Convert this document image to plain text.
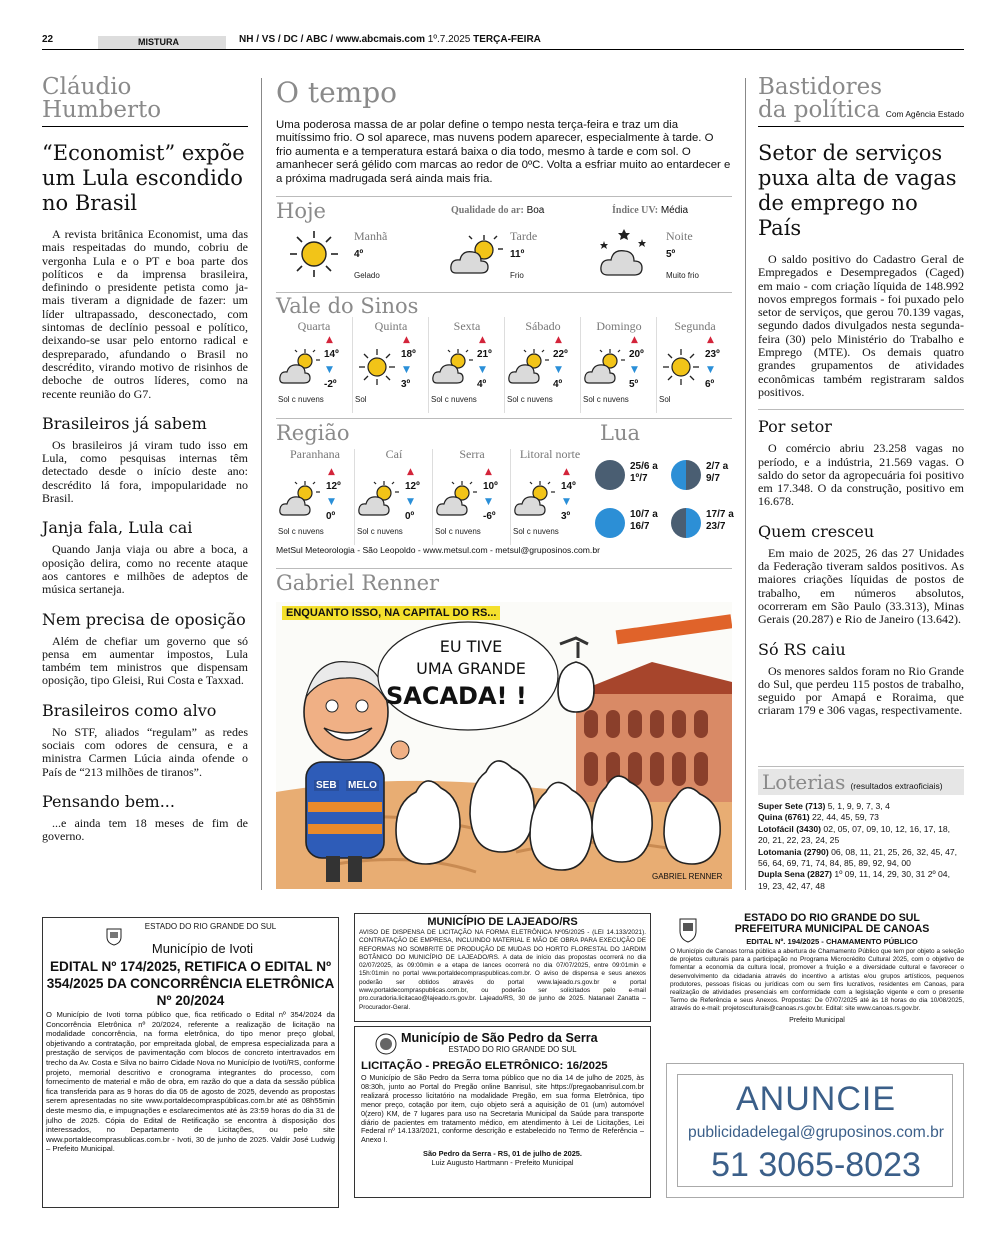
22	MISTURA	NH / VS / DC / ABC / www.abcmais.com 1º.7.2025 TERÇA-FEIRA
Cláudio Humberto
“Economist” expõe um Lula escondido no Brasil

A revista britânica Economist, uma das mais respeitadas do mundo, cobriu de vergonha Lula e o PT e boa parte dos políticos e da imprensa brasileira, definindo o presidente petista como ja-mais tiveram a dignidade de fazer: um líder ultrapassado, desconectado, com sintomas de declínio pessoal e político, deixando-se usar pelo entorno radical e despreparado, afundando o Brasil no descrédito, virando motivo de risinhos de deboche de outros líderes, como na recente reunião do G7.

Brasileiros já sabem

Os brasileiros já viram tudo isso em Lula, como pesquisas internas têm detectado desde o início deste ano: descrédito lá fora, impopularidade no Brasil.

Janja fala, Lula cai

Quando Janja viaja ou abre a boca, a oposição delira, como no recente ataque aos cantores e milhões de adeptos de música sertaneja.

Nem precisa de oposição

Além de chefiar um governo que só pensa em aumentar impostos, Lula também tem ministros que dispensam oposição, tipo Gleisi, Rui Costa e Taxxad.

Brasileiros como alvo

No STF, aliados “regulam” as redes sociais com odores de censura, e a ministra Carmen Lúcia ainda ofende o País de “213 milhões de tiranos”.

Pensando bem...

...e ainda tem 18 meses de fim de governo.

O tempo

Uma poderosa massa de ar polar define o tempo nesta terça-feira e traz um dia muitíssimo frio. O sol aparece, mas nuvens podem aparecer, especialmente à tarde. O frio aumenta e a temperatura estará baixa o dia todo, mesmo à tarde e com sol. O amanhecer será gélido com marcas ao redor de 0ºC. Volta a esfriar muito ao entardecer e a próxima madrugada será ainda mais fria.

Hoje	Qualidade do ar: Boa	Índice UV: Média
Manhã
4º
Gelado
Tarde
11º
Frio
Noite
5º
Muito frio
Vale do Sinos
Quarta
▲
14º
▼
-2º
Sol c nuvens
Quinta
▲
18º
▼
3º
Sol
Sexta
▲
21º
▼
4º
Sol c nuvens
Sábado
▲
22º
▼
4º
Sol c nuvens
Domingo
▲
20º
▼
5º
Sol c nuvens
Segunda
▲
23º
▼
6º
Sol
Região	Lua
Paranhana
▲
12º
▼
0º
Sol c nuvens
Caí
▲
12º
▼
0º
Sol c nuvens
Serra
▲
10º
▼
-6º
Sol c nuvens
Litoral norte
▲
14º
▼
3º
Sol c nuvens
25/6 a
1º/7
2/7 a
9/7
10/7 a
16/7
17/7 a
23/7
MetSul Meteorologia - São Leopoldo - www.metsul.com - metsul@gruposinos.com.br
Gabriel Renner
ENQUANTO ISSO, NA CAPITAL DO RS...
EU TIVE
UMA GRANDE
SACADA! !
SEB MELO
GABRIEL RENNER
Bastidores
da política Com Agência Estado
Setor de serviços puxa alta de vagas de emprego no País

O saldo positivo do Cadastro Geral de Empregados e Desempregados (Caged) em maio - com criação líquida de 148.992 novos empregos formais - foi puxado pelo setor de serviços, que gerou 70.139 vagas, segundo dados divulgados nesta segunda-feira (30) pelo Ministério do Trabalho e Emprego (MTE). Os demais quatro grandes grupamentos de atividades econômicas também registraram saldos positivos.

Por setor

O comércio abriu 23.258 vagas no período, e a indústria, 21.569 vagas. O saldo do setor da agropecuária foi positivo em 17.348. O da construção, positivo em 16.678.

Quem cresceu

Em maio de 2025, 26 das 27 Unidades da Federação tiveram saldos positivos. As maiores criações líquidas de postos de trabalho, em números absolutos, ocorreram em São Paulo (33.313), Minas Gerais (20.287) e Rio de Janeiro (13.642).

Só RS caiu

Os menores saldos foram no Rio Grande do Sul, que perdeu 115 postos de trabalho, seguido por Amapá e Roraima, que criaram 179 e 306 vagas, respectivamente.

Loterias (resultados extraoficiais)
Super Sete (713) 5, 1, 9, 9, 7, 3, 4
Quina (6761) 22, 44, 45, 59, 73
Lotofácil (3430) 02, 05, 07, 09, 10, 12, 16, 17, 18, 20, 21, 22, 23, 24, 25
Lotomania (2790) 06, 08, 11, 21, 25, 26, 32, 45, 47, 56, 64, 69, 71, 74, 84, 85, 89, 92, 94, 00
Dupla Sena (2827) 1º 09, 11, 14, 29, 30, 31 2º 04, 19, 23, 42, 47, 48
ESTADO DO RIO GRANDE DO SUL
Município de Ivoti
EDITAL Nº 174/2025, RETIFICA O EDITAL Nº 354/2025 DA CONCORRÊNCIA ELETRÔNICA Nº 20/2024

O Município de Ivoti torna público que, fica retificado o Edital nº 354/2024 da Concorrência Eletrônica nº 20/2024, referente a realização de licitação na modalidade concorrência, na forma eletrônica, do tipo menor preço global, objetivando a contratação, por empreitada global, de empresa especializada para a prestação de serviços de pavimentação com blocos de concreto intertravados em trecho da Av. Costa e Silva no bairro Cidade Nova no Município de Ivoti/RS, conforme projeto, memorial descritivo e cronograma integrantes do processo, com fornecimento de material e mão de obra, em razão do que a data da sessão pública fica transferida para as 9 horas do dia 05 de agosto de 2025, devendo as propostas serem apresentadas no site www.portaldecompraspúblicas.com.br até as 08h55min deste mesmo dia, e impugnações e esclarecimentos até às 23:59 horas do dia 31 de julho de 2025. Cópia do Edital de Retificação se encontra à disposição dos interessados, no Departamento de Licitações, ou pelo site www.portaldecomprasublicas.com.br - Ivoti, 30 de junho de 2025. Valdir José Ludwig – Prefeito Municipal.

MUNICÍPIO DE LAJEADO/RS

AVISO DE DISPENSA DE LICITAÇÃO NA FORMA ELETRÔNICA Nº05/2025 - (LEI 14.133/2021). CONTRATAÇÃO DE EMPRESA, INCLUINDO MATERIAL E MÃO DE OBRA PARA EXECUÇÃO DE REFORMAS NO SOMBRITE DE PRODUÇÃO DE MUDAS DO HORTO FLORESTAL DO JARDIM BOTÂNICO DO MUNICÍPIO DE LAJEADO/RS. A data de início das propostas ocorrerá no dia 02/07/2025, às 09:00min e a etapa de lances ocorrerá no dia 07/07/2025, entre 09:01min e 15h:01min no portal www.portaldecompraspublicas.com.br. O aviso de dispensa e seus anexos poderão ser obtidos através do portal www.lajeado.rs.gov.br e portal www.portaldecompraspublicas.com.br, ou poderão ser solicitados pelo e-mail pro.curadoria.licitacao@lajeado.rs.gov.br. Lajeado/RS, 30 de junho de 2025. Natanael Zanatta – Procurador-Geral.

ESTADO DO RIO GRANDE DO SUL
PREFEITURA MUNICIPAL DE CANOAS
EDITAL Nº. 194/2025 - CHAMAMENTO PÚBLICO

O Município de Canoas torna pública a abertura de Chamamento Público que tem por objeto a seleção de projetos culturais para a participação no Programa Microcrédito Cultural 2025, com o objetivo de fomentar a economia da cultura local, promover a fruição e a diversidade cultural e favorecer o desenvolvimento da cidadania através do incentivo a artistas e/ou grupos artísticos, pequenos produtores, pessoas físicas ou jurídicas com ou sem fins lucrativos, residentes em Canoas, para realização de atividades presenciais em conformidade com a legislação vigente e com o presente Termo de Referência e seus Anexos. Propostas: De 07/07/2025 até às 18 horas do dia 10/08/2025, através do e-mail: projetosculturais@canoas.rs.gov.br. Edital: site www.canoas.rs.gov.br.

Prefeito Municipal
Município de São Pedro da Serra
ESTADO DO RIO GRANDE DO SUL
LICITAÇÃO - PREGÃO ELETRÔNICO: 16/2025

O Município de São Pedro da Serra torna público que no dia 14 de julho de 2025, às 08:30h, junto ao Portal do Pregão online Banrisul, site https://pregaobanrisul.com.br realizará processo licitatório na modalidade Pregão, em sua forma Eletrônica, tipo menor preço, cotação por item, cujo objeto será a aquisição de 01 (um) automóvel 0(zero) KM, de 7 lugares para uso na Secretaria Municipal da Saúde para transporte diário de pacientes em tratamento médico, em atendimento à Lei de Licitações, Lei Federal nº 14.133/2021, conforme descrição e estabelecido no Termo de Referência – Anexo I.

São Pedro da Serra - RS, 01 de julho de 2025.
Luiz Augusto Hartmann - Prefeito Municipal
ANUNCIE
publicidadelegal@gruposinos.com.br
51 3065-8023
